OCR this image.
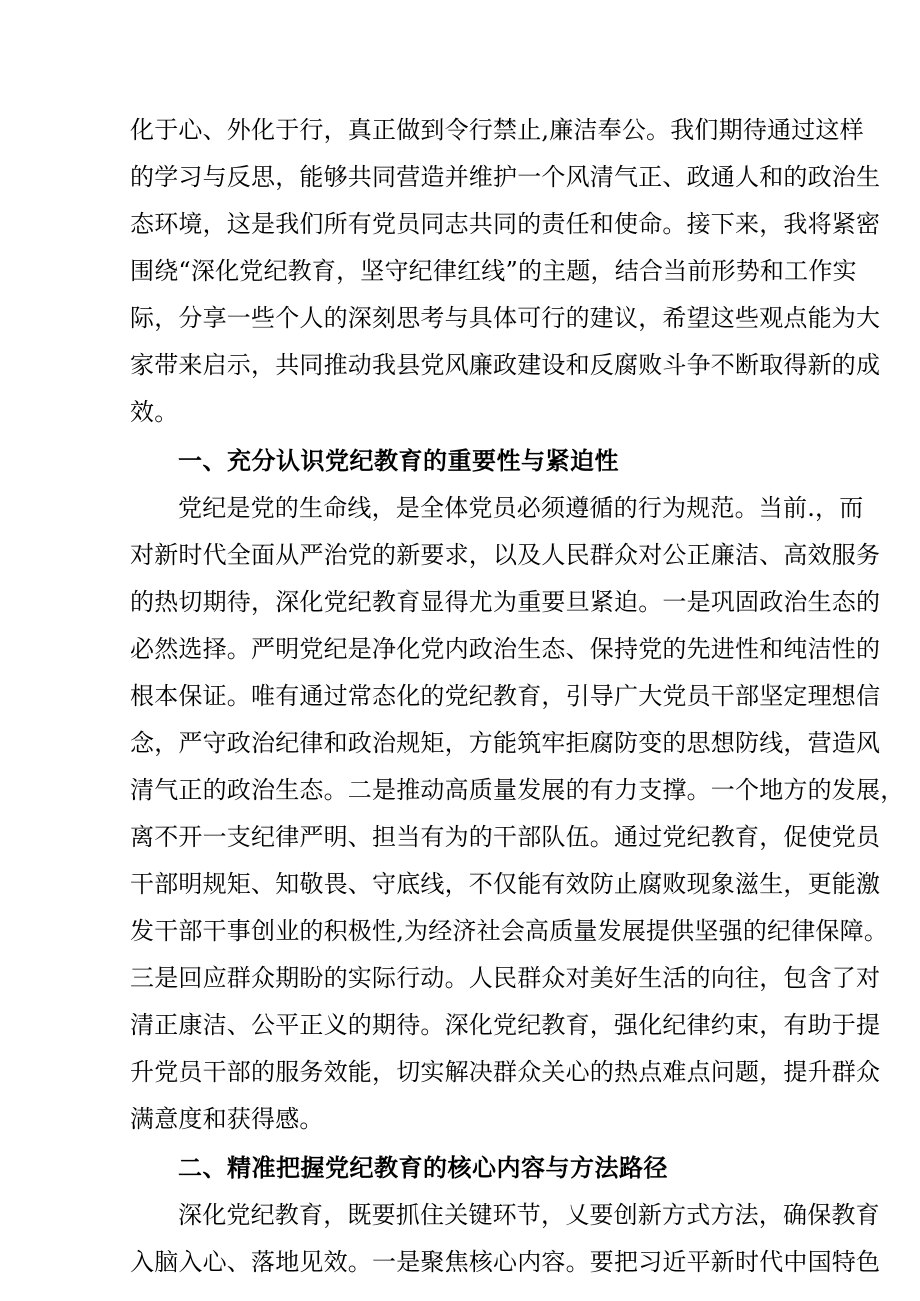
化于心、外化于行，真正做到令行禁止,廉洁奉公。我们期待通过这样
的学习与反思，能够共同营造并维护一个风清气正、政通人和的政治生
态环境，这是我们所有党员同志共同的责任和使命。接下来，我将紧密
围绕“深化党纪教育，坚守纪律红线”的主题，结合当前形势和工作实
际，分享一些个人的深刻思考与具体可行的建议，希望这些观点能为大
家带来启示，共同推动我县党风廉政建设和反腐败斗争不断取得新的成
效。
一、充分认识党纪教育的重要性与紧迫性
党纪是党的生命线，是全体党员必须遵循的行为规范。当前.，而
对新时代全面从严治党的新要求，以及人民群众对公正廉洁、高效服务
的热切期待，深化党纪教育显得尤为重要旦紧迫。一是巩固政治生态的
必然选择。严明党纪是净化党内政治生态、保持党的先进性和纯洁性的
根本保证。唯有通过常态化的党纪教育，引导广大党员干部坚定理想信
念，严守政治纪律和政治规矩，方能筑牢拒腐防变的思想防线，营造风
清气正的政治生态。二是推动高质量发展的有力支撑。一个地方的发展，
离不开一支纪律严明、担当有为的干部队伍。通过党纪教育，促使党员
干部明规矩、知敬畏、守底线，不仅能有效防止腐败现象滋生，更能激
发干部干事创业的积极性,为经济社会高质量发展提供坚强的纪律保障。
三是回应群众期盼的实际行动。人民群众对美好生活的向往，包含了对
清正康洁、公平正义的期待。深化党纪教育，强化纪律约束，有助于提
升党员干部的服务效能，切实解决群众关心的热点难点问题，提升群众
满意度和获得感。
二、精准把握党纪教育的核心内容与方法路径
深化党纪教育，既要抓住关键环节，乂要创新方式方法，确保教育
入脑入心、落地见效。一是聚焦核心内容。要把习近平新时代中国特色
